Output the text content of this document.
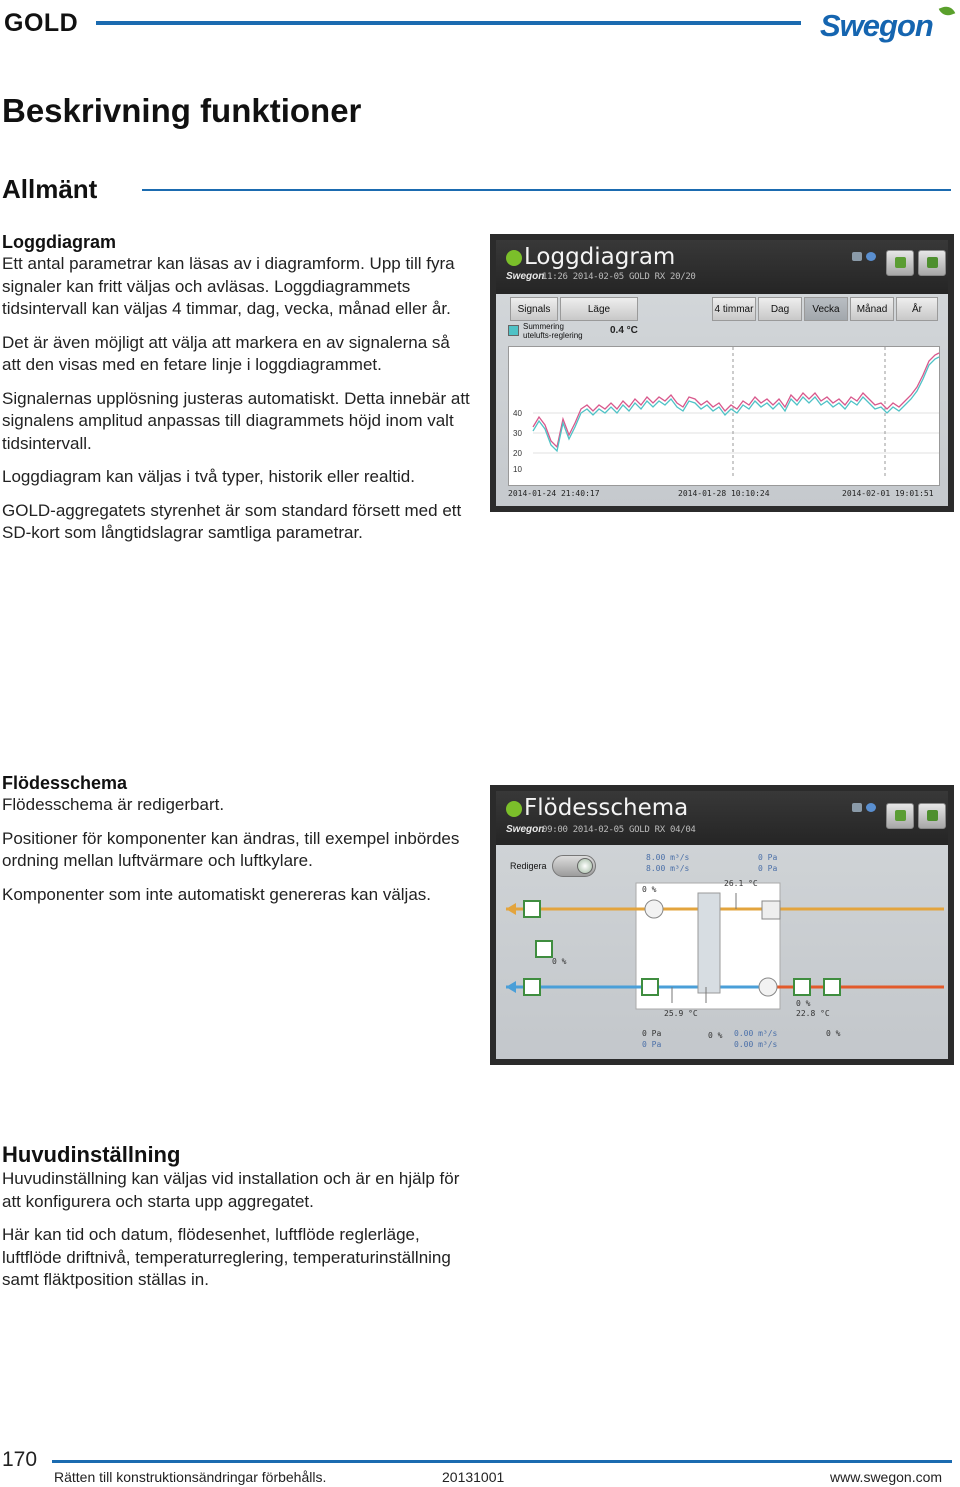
GOLD	Swegon
Beskrivning funktioner
Allmänt
Loggdiagram

Ett antal parametrar kan läsas av i diagramform. Upp till fyra signaler kan fritt väljas och avläsas. Loggdiagrammets tidsintervall kan väljas 4 timmar, dag, vecka, månad eller år.

Det är även möjligt att välja att markera en av signalerna så att den visas med en fetare linje i loggdiagrammet.

Signalernas upplösning justeras automatiskt. Detta innebär att signalens amplitud anpassas till diagrammets höjd inom valt tidsintervall.

Loggdiagram kan väljas i två typer, historik eller realtid.

GOLD-aggregatets styrenhet är som standard försett med ett SD-kort som långtidslagrar samtliga parametrar.

Loggdiagram
Swegon
11:26 2014-02-05 GOLD RX 20/20
Signals	Läge	4 timmar	Dag	Vecka	Månad	År
Summering utelufts-reglering	0.4 °C
40
30
20
10
2014-01-24 21:40:17	2014-01-28 10:10:24	2014-02-01 19:01:51
Flödesschema

Flödesschema är redigerbart.

Positioner för komponenter kan ändras, till exempel inbördes ordning mellan luftvärmare och luftkylare.

Komponenter som inte automatiskt genereras kan väljas.

Flödesschema
Swegon
09:00 2014-02-05 GOLD RX 04/04
Redigera
8.00 m³/s
8.00 m³/s
0 Pa
0 Pa
0 %
26.1 °C
0 %
25.9 °C
0 %
22.8 °C
0 Pa
0 Pa
0 %
0.00 m³/s
0.00 m³/s
0 %
Huvudinställning

Huvudinställning kan väljas vid installation och är en hjälp för att konfigurera och starta upp aggregatet.

Här kan tid och datum, flödesenhet, luftflöde reglerläge, luftflöde driftnivå, temperaturreglering, temperaturinställning samt fläktposition ställas in.

170
Rätten till konstruktionsändringar förbehålls.	20131001	www.swegon.com
